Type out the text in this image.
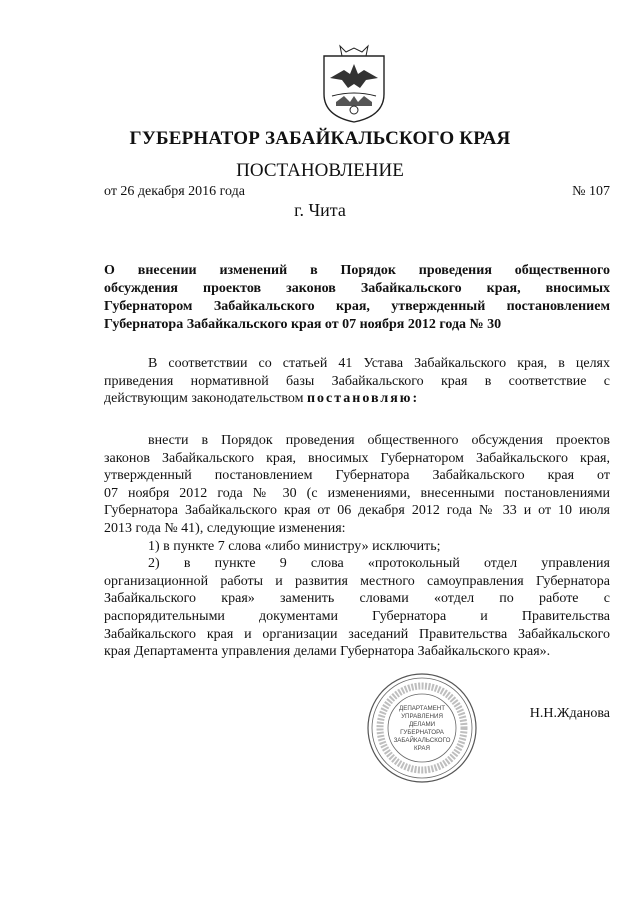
ГУБЕРНАТОР ЗАБАЙКАЛЬСКОГО КРАЯ
ПОСТАНОВЛЕНИЕ
от 26 декабря 2016 года	№ 107
г. Чита
О внесении изменений в Порядок проведения общественного
обсуждения проектов законов Забайкальского края, вносимых
Губернатором Забайкальского края, утвержденный постановлением
Губернатора Забайкальского края от 07 ноября 2012 года № 30
В соответствии со статьей 41 Устава Забайкальского края, в целях
приведения нормативной базы Забайкальского края в соответствие с
действующим законодательством постановляю:
внести в Порядок проведения общественного обсуждения проектов
законов Забайкальского края, вносимых Губернатором Забайкальского края,
утвержденный постановлением Губернатора Забайкальского края от
07 ноября 2012 года № 30 (с изменениями, внесенными постановлениями
Губернатора Забайкальского края от 06 декабря 2012 года № 33 и от 10 июля
2013 года № 41), следующие изменения:
1) в пункте 7 слова «либо министру» исключить;
2) в пункте 9 слова «протокольный отдел управления
организационной работы и развития местного самоуправления Губернатора
Забайкальского края» заменить словами «отдел по работе с
распорядительными документами Губернатора и Правительства
Забайкальского края и организации заседаний Правительства Забайкальского
края Департамента управления делами Губернатора Забайкальского края».
ДЕПАРТАМЕНТ
УПРАВЛЕНИЯ
ДЕЛАМИ
ГУБЕРНАТОРА
ЗАБАЙКАЛЬСКОГО
КРАЯ
Н.Н.Жданова
